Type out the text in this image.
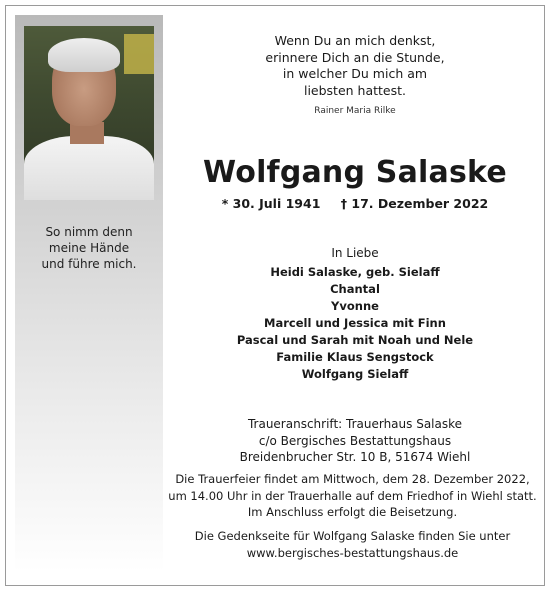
Wenn Du an mich denkst,
erinnere Dich an die Stunde,
in welcher Du mich am
liebsten hattest.
Rainer Maria Rilke
Wolfgang Salaske
* 30. Juli 1941 † 17. Dezember 2022
So nimm denn
meine Hände
und führe mich.
In Liebe
Heidi Salaske, geb. Sielaff
Chantal
Yvonne
Marcell und Jessica mit Finn
Pascal und Sarah mit Noah und Nele
Familie Klaus Sengstock
Wolfgang Sielaff
Traueranschrift: Trauerhaus Salaske
c/o Bergisches Bestattungshaus
Breidenbrucher Str. 10 B, 51674 Wiehl
Die Trauerfeier findet am Mittwoch, dem 28. Dezember 2022,
um 14.00 Uhr in der Trauerhalle auf dem Friedhof in Wiehl statt.
Im Anschluss erfolgt die Beisetzung.
Die Gedenkseite für Wolfgang Salaske finden Sie unter
www.bergisches-bestattungshaus.de
